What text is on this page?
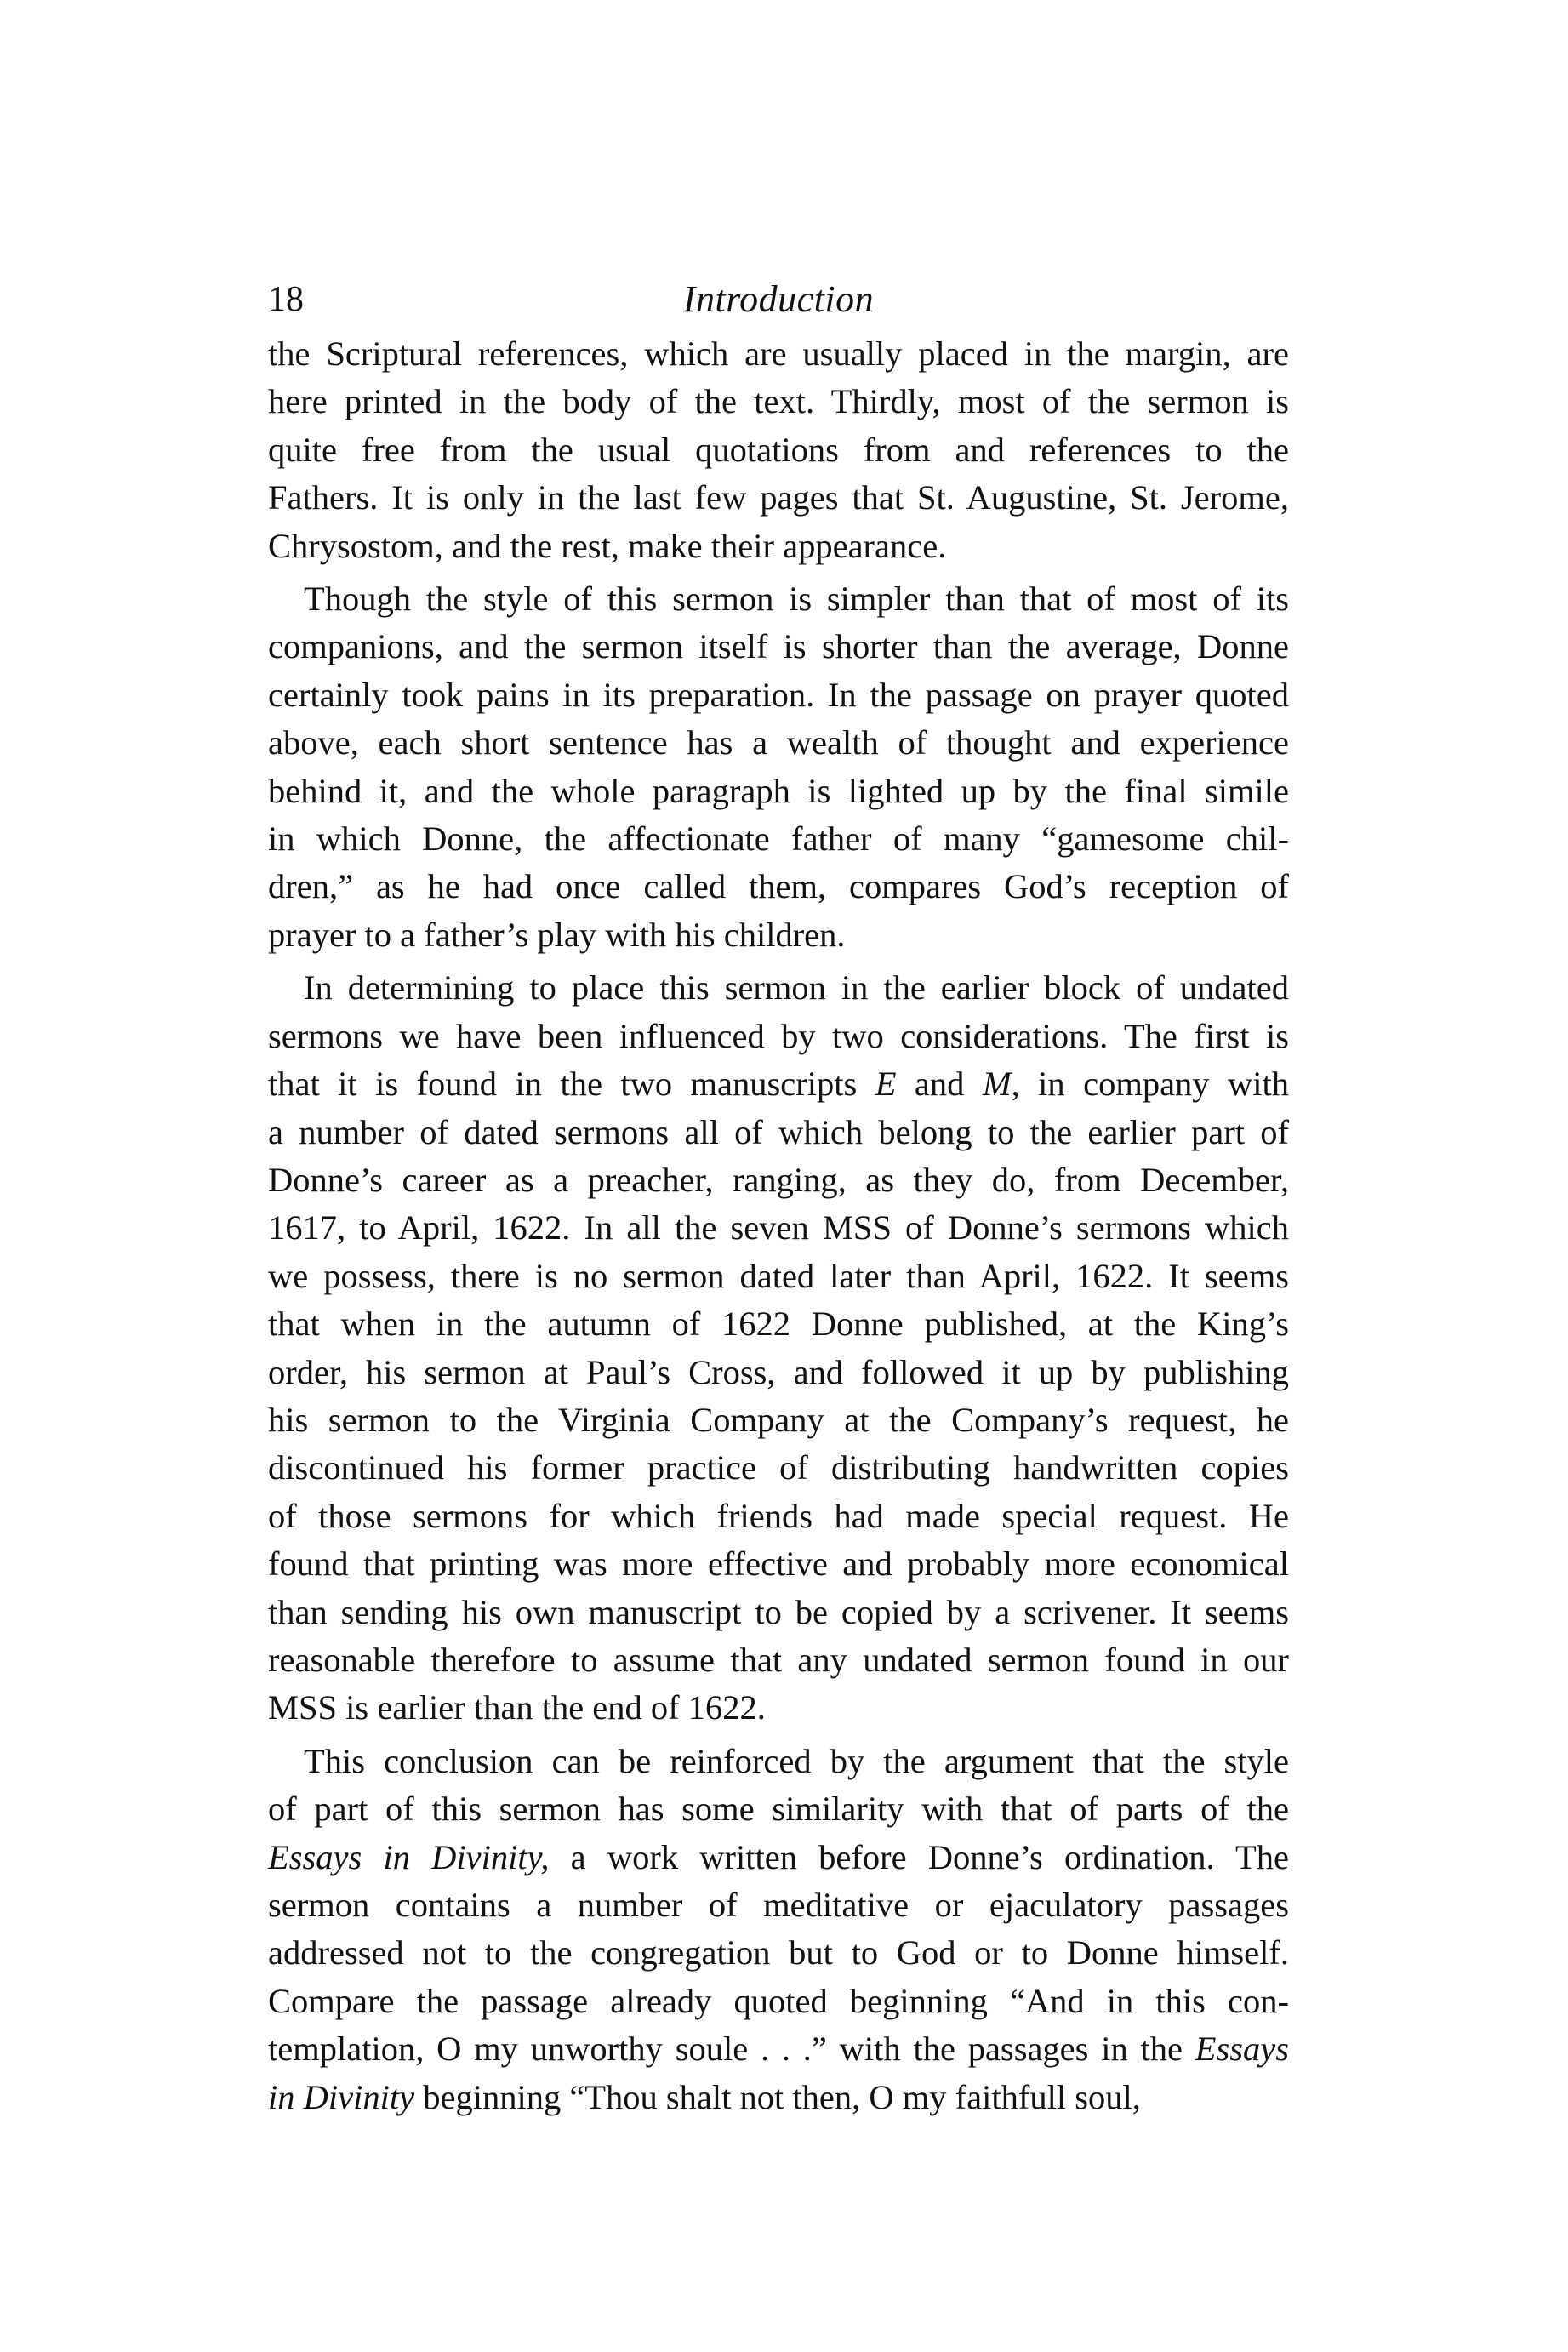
18	Introduction
the Scriptural references, which are usually placed in the margin, are
here printed in the body of the text. Thirdly, most of the sermon is
quite free from the usual quotations from and references to the
Fathers. It is only in the last few pages that St. Augustine, St. Jerome,
Chrysostom, and the rest, make their appearance.
Though the style of this sermon is simpler than that of most of its
companions, and the sermon itself is shorter than the average, Donne
certainly took pains in its preparation. In the passage on prayer quoted
above, each short sentence has a wealth of thought and experience
behind it, and the whole paragraph is lighted up by the final simile
in which Donne, the affectionate father of many “gamesome chil-
dren,” as he had once called them, compares God’s reception of
prayer to a father’s play with his children.
In determining to place this sermon in the earlier block of undated
sermons we have been influenced by two considerations. The first is
that it is found in the two manuscripts E and M, in company with
a number of dated sermons all of which belong to the earlier part of
Donne’s career as a preacher, ranging, as they do, from December,
1617, to April, 1622. In all the seven MSS of Donne’s sermons which
we possess, there is no sermon dated later than April, 1622. It seems
that when in the autumn of 1622 Donne published, at the King’s
order, his sermon at Paul’s Cross, and followed it up by publishing
his sermon to the Virginia Company at the Company’s request, he
discontinued his former practice of distributing handwritten copies
of those sermons for which friends had made special request. He
found that printing was more effective and probably more economical
than sending his own manuscript to be copied by a scrivener. It seems
reasonable therefore to assume that any undated sermon found in our
MSS is earlier than the end of 1622.
This conclusion can be reinforced by the argument that the style
of part of this sermon has some similarity with that of parts of the
Essays in Divinity, a work written before Donne’s ordination. The
sermon contains a number of meditative or ejaculatory passages
addressed not to the congregation but to God or to Donne himself.
Compare the passage already quoted beginning “And in this con-
templation, O my unworthy soule . . .” with the passages in the Essays
in Divinity beginning “Thou shalt not then, O my faithfull soul,
